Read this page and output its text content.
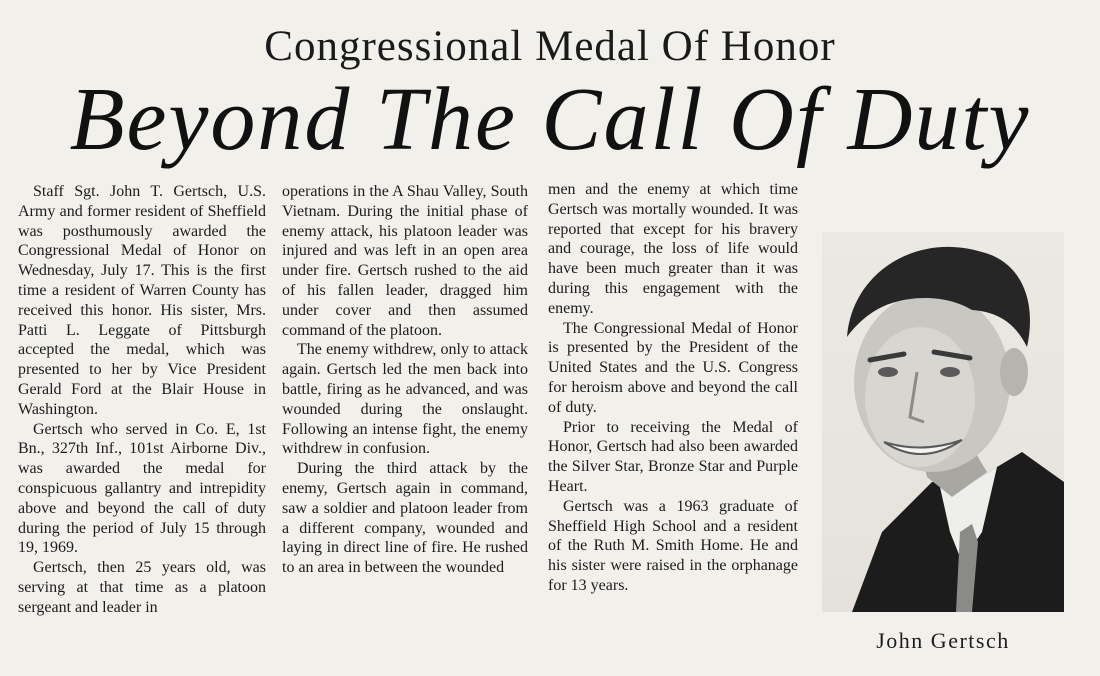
Congressional Medal Of Honor
Beyond The Call Of Duty

Staff Sgt. John T. Gertsch, U.S. Army and former resident of Sheffield was posthumously awarded the Congressional Medal of Honor on Wednesday, July 17. This is the first time a resident of Warren County has received this honor. His sister, Mrs. Patti L. Leggate of Pittsburgh accepted the medal, which was presented to her by Vice President Gerald Ford at the Blair House in Washington.

Gertsch who served in Co. E, 1st Bn., 327th Inf., 101st Airborne Div., was awarded the medal for conspicuous gallantry and intrepidity above and beyond the call of duty during the period of July 15 through 19, 1969.

Gertsch, then 25 years old, was serving at that time as a platoon sergeant and leader in

operations in the A Shau Valley, South Vietnam. During the initial phase of enemy attack, his platoon leader was injured and was left in an open area under fire. Gertsch rushed to the aid of his fallen leader, dragged him under cover and then assumed command of the platoon.

The enemy withdrew, only to attack again. Gertsch led the men back into battle, firing as he advanced, and was wounded during the onslaught. Following an intense fight, the enemy withdrew in confusion.

During the third attack by the enemy, Gertsch again in command, saw a soldier and platoon leader from a different company, wounded and laying in direct line of fire. He rushed to an area in between the wounded

men and the enemy at which time Gertsch was mortally wounded. It was reported that except for his bravery and courage, the loss of life would have been much greater than it was during this engagement with the enemy.

The Congressional Medal of Honor is presented by the President of the United States and the U.S. Congress for heroism above and beyond the call of duty.

Prior to receiving the Medal of Honor, Gertsch had also been awarded the Silver Star, Bronze Star and Purple Heart.

Gertsch was a 1963 graduate of Sheffield High School and a resident of the Ruth M. Smith Home. He and his sister were raised in the orphanage for 13 years.

John Gertsch
